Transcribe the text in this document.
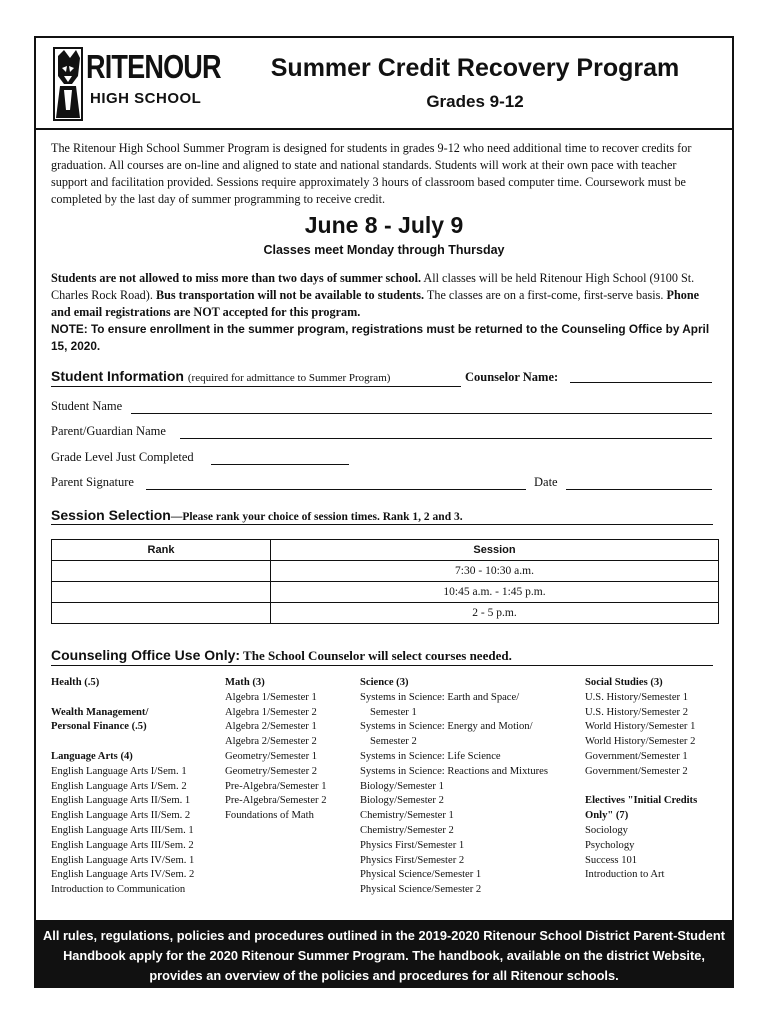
RITENOUR
HIGH SCHOOL
Summer Credit Recovery Program
Grades 9-12
The Ritenour High School Summer Program is designed for students in grades 9-12 who need additional time to recover credits for graduation. All courses are on-line and aligned to state and national standards. Students will work at their own pace with teacher support and facilitation provided. Sessions require approximately 3 hours of classroom based computer time. Coursework must be completed by the last day of summer programming to receive credit.
June 8 - July 9
Classes meet Monday through Thursday
Students are not allowed to miss more than two days of summer school. All classes will be held Ritenour High School (9100 St. Charles Rock Road). Bus transportation will not be available to students. The classes are on a first-come, first-serve basis. Phone and email registrations are NOT accepted for this program.
NOTE: To ensure enrollment in the summer program, registrations must be returned to the Counseling Office by April 15, 2020.
Student Information (required for admittance to Summer Program)	Counselor Name:
Student Name
Parent/Guardian Name
Grade Level Just Completed
Parent Signature	Date
Session Selection—Please rank your choice of session times. Rank 1, 2 and 3.
Rank	Session
	7:30 - 10:30 a.m.
	10:45 a.m. - 1:45 p.m.
	2 - 5 p.m.
Counseling Office Use Only: The School Counselor will select courses needed.
Health (.5)

Wealth Management/
Personal Finance (.5)

Language Arts (4)
English Language Arts I/Sem. 1
English Language Arts I/Sem. 2
English Language Arts II/Sem. 1
English Language Arts II/Sem. 2
English Language Arts III/Sem. 1
English Language Arts III/Sem. 2
English Language Arts IV/Sem. 1
English Language Arts IV/Sem. 2
Introduction to Communication
Math (3)
Algebra 1/Semester 1
Algebra 1/Semester 2
Algebra 2/Semester 1
Algebra 2/Semester 2
Geometry/Semester 1
Geometry/Semester 2
Pre-Algebra/Semester 1
Pre-Algebra/Semester 2
Foundations of Math
Science (3)
Systems in Science: Earth and Space/
Semester 1
Systems in Science: Energy and Motion/
Semester 2
Systems in Science: Life Science
Systems in Science: Reactions and Mixtures
Biology/Semester 1
Biology/Semester 2
Chemistry/Semester 1
Chemistry/Semester 2
Physics First/Semester 1
Physics First/Semester 2
Physical Science/Semester 1
Physical Science/Semester 2
Social Studies (3)
U.S. History/Semester 1
U.S. History/Semester 2
World History/Semester 1
World History/Semester 2
Government/Semester 1
Government/Semester 2

Electives "Initial Credits
Only" (7)
Sociology
Psychology
Success 101
Introduction to Art
All rules, regulations, policies and procedures outlined in the 2019-2020 Ritenour School District Parent-Student Handbook apply for the 2020 Ritenour Summer Program. The handbook, available on the district Website, provides an overview of the policies and procedures for all Ritenour schools.
